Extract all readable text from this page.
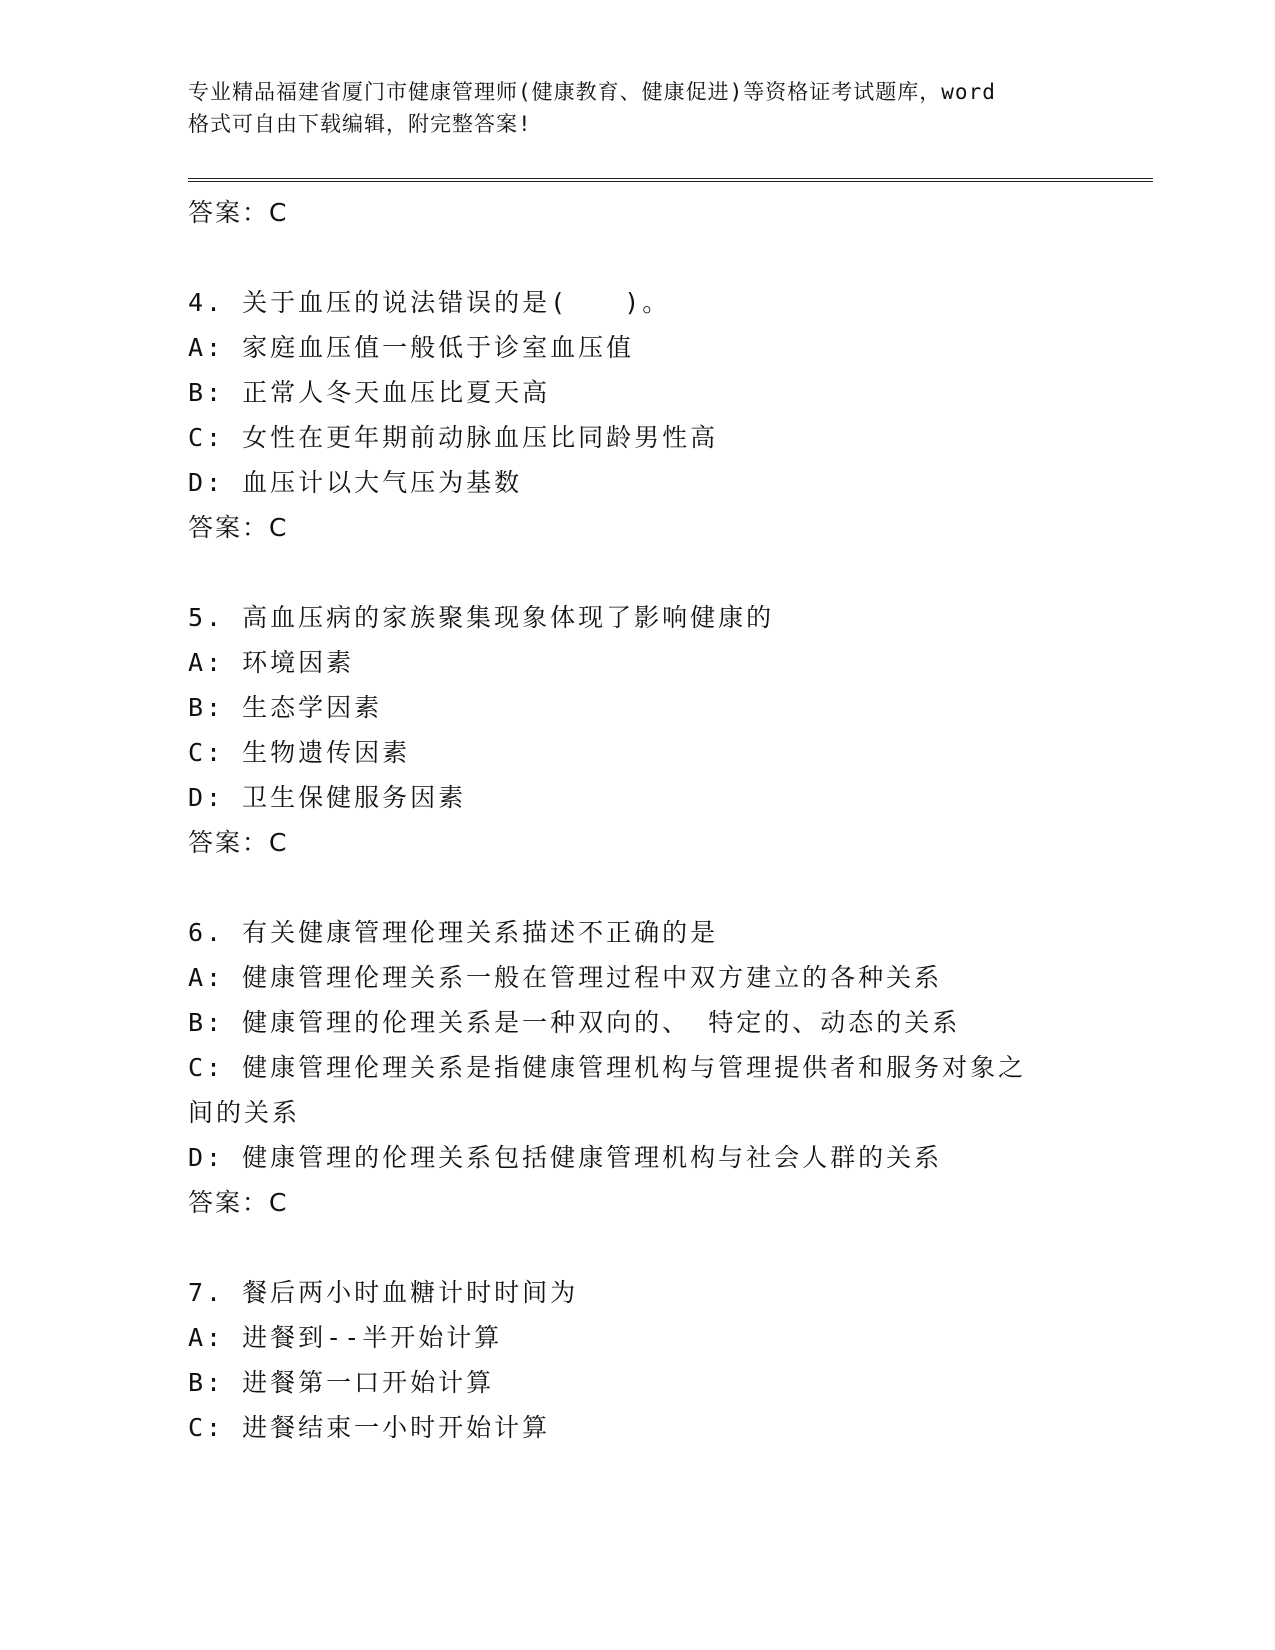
专业精品福建省厦门市健康管理师(健康教育、健康促进)等资格证考试题库，word
格式可自由下载编辑，附完整答案!
答案：C
4. 关于血压的说法错误的是(　　)。
A: 家庭血压值一般低于诊室血压值
B: 正常人冬天血压比夏天高
C: 女性在更年期前动脉血压比同龄男性高
D: 血压计以大气压为基数
答案：C
5. 高血压病的家族聚集现象体现了影响健康的
A: 环境因素
B: 生态学因素
C: 生物遗传因素
D: 卫生保健服务因素
答案：C
6. 有关健康管理伦理关系描述不正确的是
A: 健康管理伦理关系一般在管理过程中双方建立的各种关系
B: 健康管理的伦理关系是一种双向的、 特定的、动态的关系
C: 健康管理伦理关系是指健康管理机构与管理提供者和服务对象之间的关系
D: 健康管理的伦理关系包括健康管理机构与社会人群的关系
答案：C
7. 餐后两小时血糖计时时间为
A: 进餐到--半开始计算
B: 进餐第一口开始计算
C: 进餐结束一小时开始计算
